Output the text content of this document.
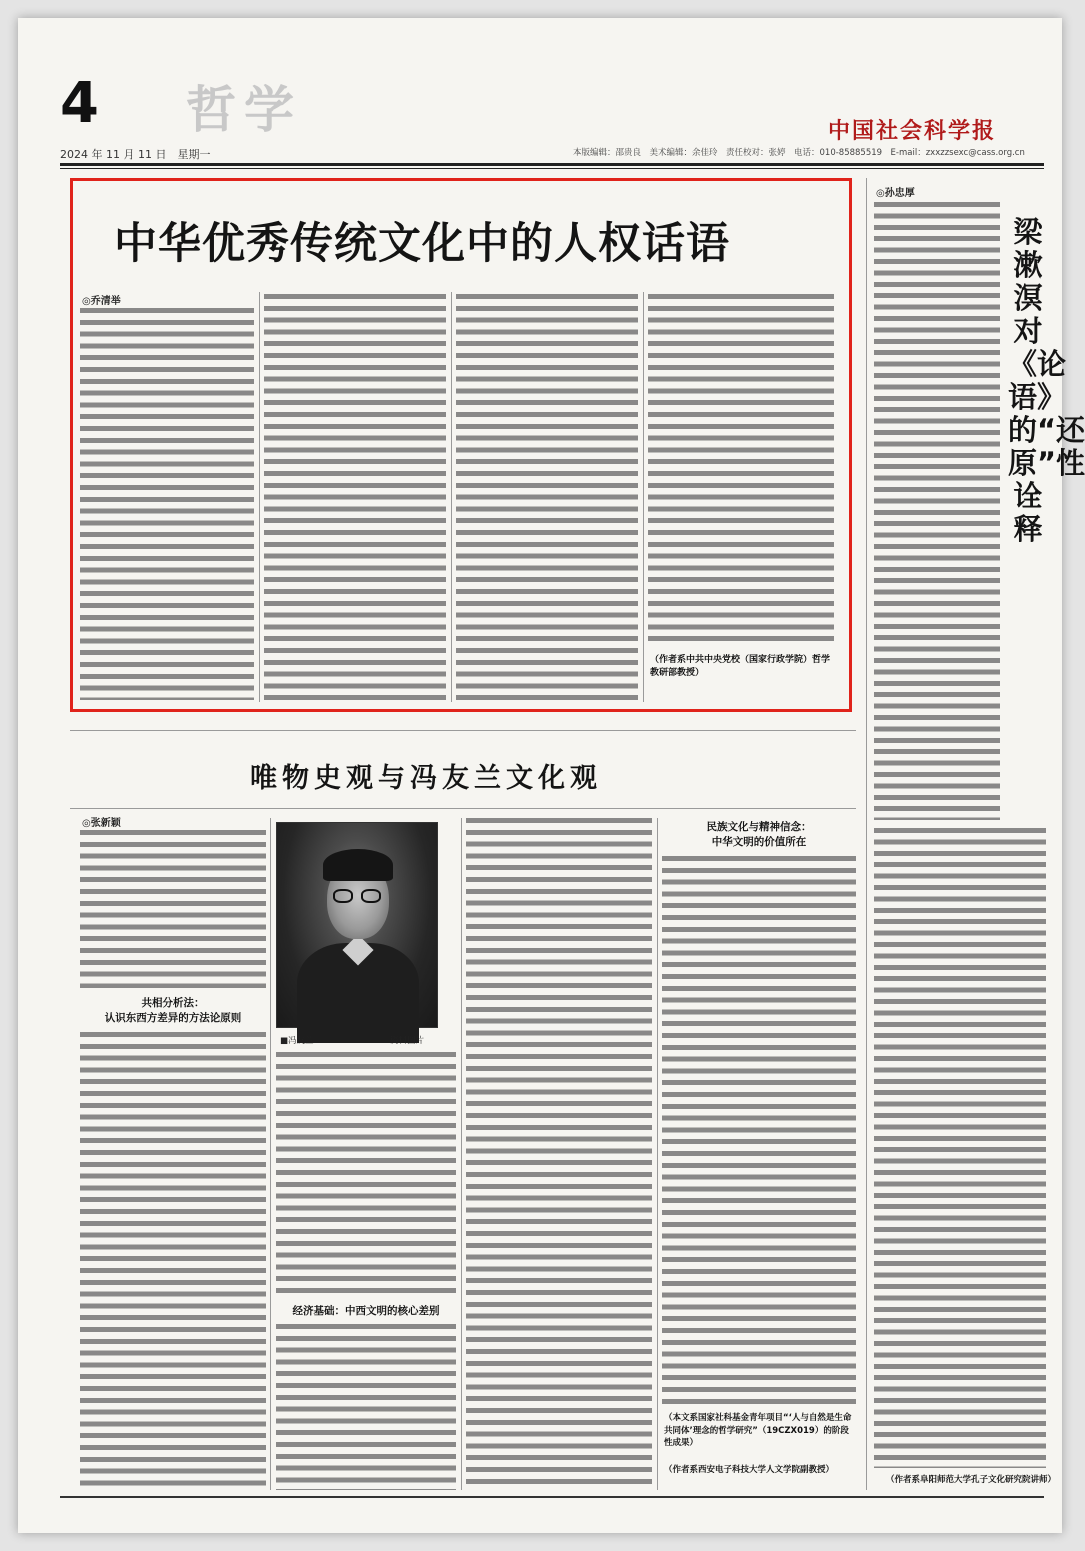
4 哲学
2024 年 11 月 11 日　星期一
中国社会科学报
本版编辑：邵贵良　美术编辑：余佳玲　责任校对：张婷　电话：010-85885519　E-mail：zxxzzsexc@cass.org.cn
中华优秀传统文化中的人权话语
◎乔清举
（作者系中共中央党校（国家行政学院）哲学教研部教授）
◎孙忠厚
梁漱溟对《论语》的“还原”性诠释
（作者系阜阳师范大学孔子文化研究院讲师）
唯物史观与冯友兰文化观
◎张新颖
共相分析法：
认识东西方差异的方法论原则
■冯友兰	资料图片
经济基础：中西文明的核心差别
民族文化与精神信念：
中华文明的价值所在
（本文系国家社科基金青年项目“‘人与自然是生命共同体’理念的哲学研究”（19CZX019）的阶段性成果）
（作者系西安电子科技大学人文学院副教授）
